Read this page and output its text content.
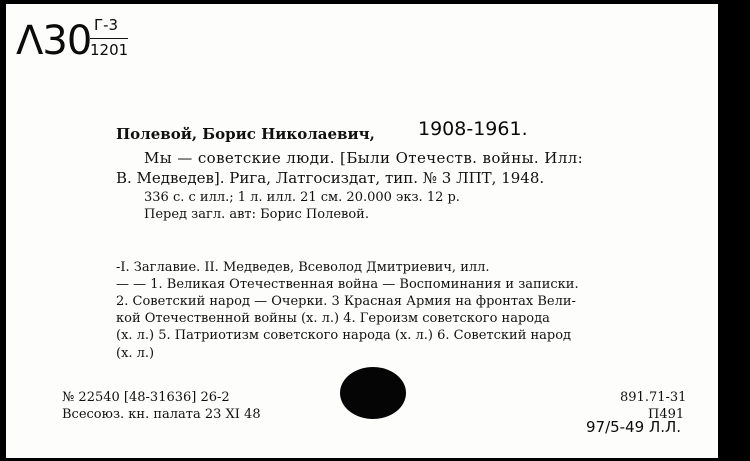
Λ30 Г-3
1201
Полевой, Борис Николаевич, 1908-1961.
Мы — советские люди. [Были Отечеств. войны. Илл:
В. Медведев]. Рига, Латгосиздат, тип. № 3 ЛПТ, 1948.
336 с. с илл.; 1 л. илл. 21 см. 20.000 экз. 12 р.
Перед загл. авт: Борис Полевой.
-I. Заглавие. II. Медведев, Всеволод Дмитриевич, илл.
— — 1. Великая Отечественная война — Воспоминания и записки.
2. Советский народ — Очерки. 3 Красная Армия на фронтах Вели-
кой Отечественной войны (х. л.) 4. Героизм советского народа
(х. л.) 5. Патриотизм советского народа (х. л.) 6. Советский народ
(х. л.)
№ 22540 [48-31636] 26-2
Всесоюз. кн. палата 23 XI 48
891.71-31
П491
97/5-49 Л.Л.
